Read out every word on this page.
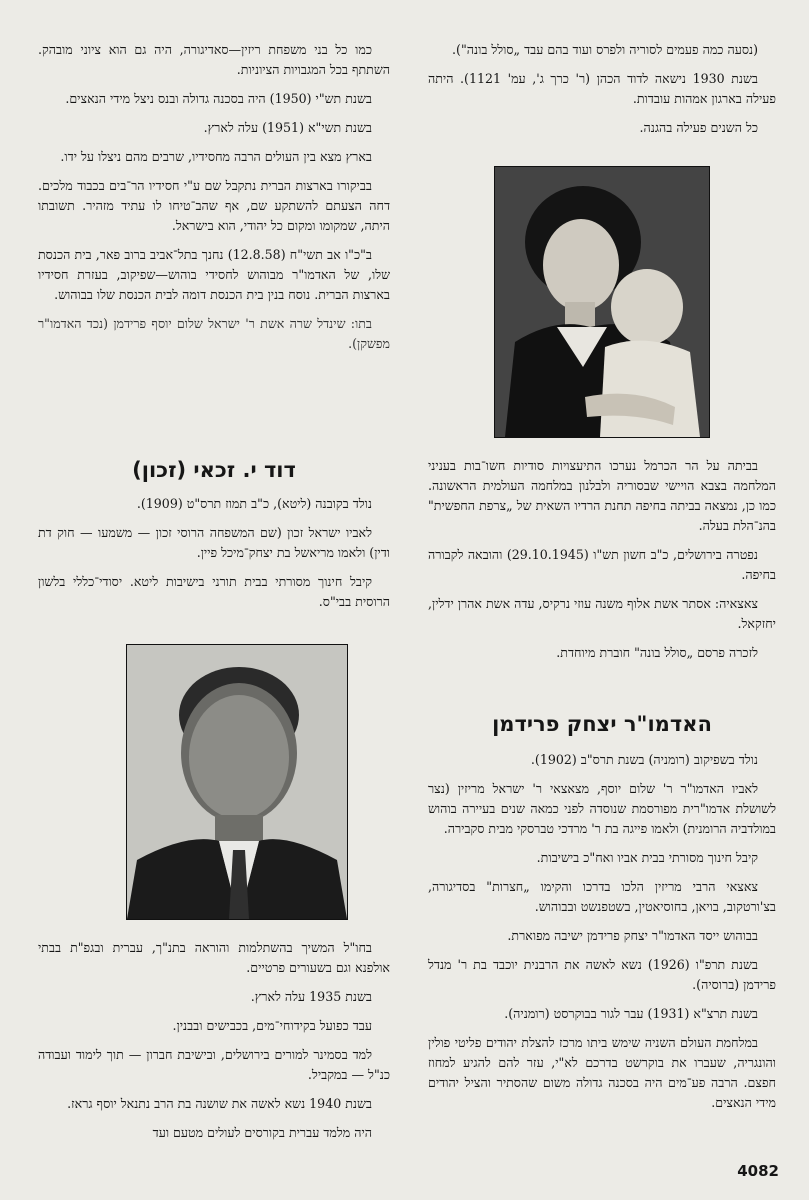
(נסעה כמה פעמים לסוריה ולפרס ועוד בהם עבד „סולל בונה").

בשנת 1930 נישאה לדוד הכהן (ר' כרך ג', עמ' 1121). היתה פעילה בארגון אמהות עובדות.

כל השנים פעילה בהגנה.

בביתה על הר הכרמל נערכו התיעצויות סודיות חשו־בות בעניני המלחמה בצבא הויישי שבסוריה ולבלנון במלחמה העולמית הראשונה. כמו כן, נמצאה בביתה בחיפה תחנת הרדיו השאית של „צרפת החפשית" בהנ־הלת בעלה.

נפטרה בירושלים, כ"ב חשון תש"ו (29.10.1945) והובאה לקבורה בחיפה.

צאצאיה: אסתר אשת אלוף משנה עוזי נרקיס, עדה אשת אהרן ידלין, יחזקאל.

לזכרה פרסם „סולל בונה" חוברת מיוחדת.

האדמו"ר יצחק פרידמן

נולד בשפיקוב (רומניה) בשנת תרס"ב (1902).

לאביו האדמו"ר ר' שלום יוסף, מצאצאי ר' ישראל מריזין (נצר לשושלת אדמו"רית מפורסמת שנוסדה לפני כמאה שנים בעיירה בוהוש במולדביה הרומנית) ולאמו פייגה בת ר' מרדכי טברסקי מבית סקבירה.

קיבל חינוך מסורתי בבית אביו ואח"כ בישיבות.

צאצאי הרבי מריזין הלכו בדרכו והקימו „חצרות" בסדיגורה, בצ'ורטקוב, בויאן, בחוסיאטין, בשטפנשט ובבוהוש.

בבוהוש ייסד האדמו"ר יצחק פרידמן ישיבה מפוארת.

בשנת תרפ"ו (1926) נשא לאשה את הרבנית יוכבד בת ר' מנדל פרידמן (ברוסיה).

בשנת תרצ"א (1931) עבר לגור בבוקרסט (רומניה).

במלחמת העולם השניה שימש ביתו מרכז להצלת יהודים פליטי פולין והונגריה, שעברו את בוקרשט בדרכם לא"י, עזר להם להגיע למחוז חפצם. הרבה פע־מים היה בסכנה גדולה משום שהסתיר והציל יהודים מידי הנאצים.

כמו כל בני משפחת ריזין—סאדיגורה, היה גם הוא ציוני מובהק. השתתף בכל המגבויות הציוניות.

בשנת תש"י (1950) היה בסכנה גדולה ובנס ניצל מידי הנאצים.

בשנת תשי"א (1951) עלה לארץ.

בארץ מצא בין העולים הרבה מחסידיו, שרבים מהם ניצלו על ידו.

בביקורו בארצות הברית נתקבל שם ע"י חסידיו הר־בים בכבוד מלכים. דחה הצעתם להשתקע שם, אף שהב־טיחו לו עתיד מזהיר. תשובתו היתה, שמקומו ומקום כל יהודי, הוא בישראל.

ב"כ"ו אב תשי"ח (12.8.58) נחנך בתל־אביב ברוב פאר, בית הכנסת שלו, של האדמו"ר מבוהוש לחסידי בוהוש—שפיקוב, בעזרת חסידיו בארצות הברית. נוסח בנין בית הכנסת דומה לבית הכנסת שלו בבוהוש.

בתו: שינדל שרה אשת ר' ישראל שלום יוסף פרידמן (נכד האדמו"ר מפשקן).

דוד י. זכאי (זכון)

נולד בקובנה (ליטא), כ"ב תמוז תרס"ט (1909).

לאביו ישראל זכון (שם המשפחה הרוסי זכון — משמעו — חוק דת ודין) ולאמו מריאשל בת יצחק־מיכל פיין.

קיבל חינוך מסורתי בבית תורני בישיבות ליטא. יסודי־כללי בלשון הרוסית בבי"ס.

בחו"ל המשיך בהשתלמות והוראה בתנ"ך, עברית ובגפ"ת בבתי אולפנא וגם בשעורים פרטיים.

בשנת 1935 עלה לארץ.

עבד כפועל בקידוחי־מים, בכבישים ובבנין.

למד בסמינר למורים בירושלים, ובישיבת חברון — תוך לימוד ועבודה כנ"ל — במקביל.

בשנת 1940 נשא לאשה את שושנה בת הרב נתנאל יוסף גראז.

היה מלמד עברית בקורסים לעולים מטעם ועד

4082
